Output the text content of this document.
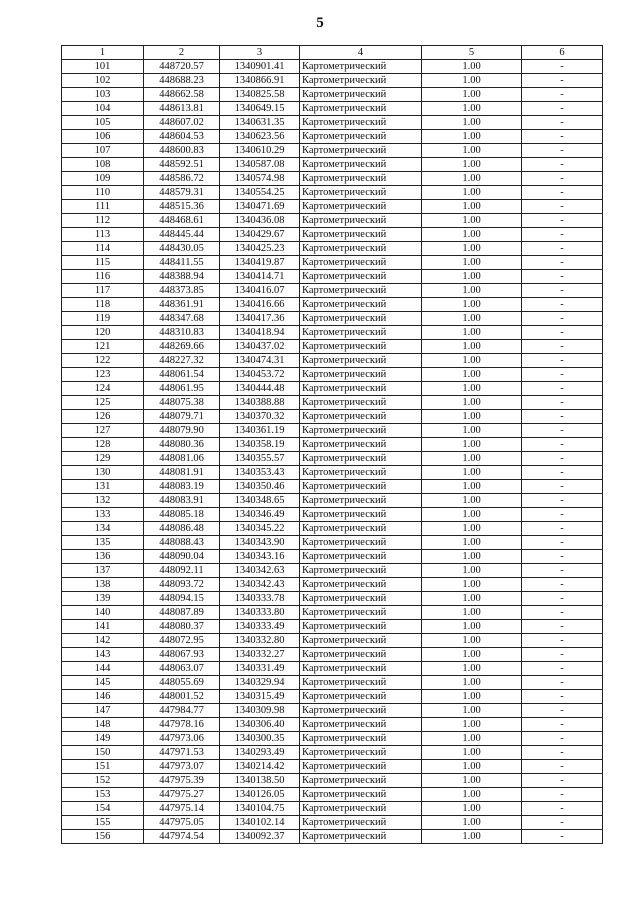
5
1	2	3	4	5	6
101	448720.57	1340901.41	Картометрический	1.00	-
102	448688.23	1340866.91	Картометрический	1.00	-
103	448662.58	1340825.58	Картометрический	1.00	-
104	448613.81	1340649.15	Картометрический	1.00	-
105	448607.02	1340631.35	Картометрический	1.00	-
106	448604.53	1340623.56	Картометрический	1.00	-
107	448600.83	1340610.29	Картометрический	1.00	-
108	448592.51	1340587.08	Картометрический	1.00	-
109	448586.72	1340574.98	Картометрический	1.00	-
110	448579.31	1340554.25	Картометрический	1.00	-
111	448515.36	1340471.69	Картометрический	1.00	-
112	448468.61	1340436.08	Картометрический	1.00	-
113	448445.44	1340429.67	Картометрический	1.00	-
114	448430.05	1340425.23	Картометрический	1.00	-
115	448411.55	1340419.87	Картометрический	1.00	-
116	448388.94	1340414.71	Картометрический	1.00	-
117	448373.85	1340416.07	Картометрический	1.00	-
118	448361.91	1340416.66	Картометрический	1.00	-
119	448347.68	1340417.36	Картометрический	1.00	-
120	448310.83	1340418.94	Картометрический	1.00	-
121	448269.66	1340437.02	Картометрический	1.00	-
122	448227.32	1340474.31	Картометрический	1.00	-
123	448061.54	1340453.72	Картометрический	1.00	-
124	448061.95	1340444.48	Картометрический	1.00	-
125	448075.38	1340388.88	Картометрический	1.00	-
126	448079.71	1340370.32	Картометрический	1.00	-
127	448079.90	1340361.19	Картометрический	1.00	-
128	448080.36	1340358.19	Картометрический	1.00	-
129	448081.06	1340355.57	Картометрический	1.00	-
130	448081.91	1340353.43	Картометрический	1.00	-
131	448083.19	1340350.46	Картометрический	1.00	-
132	448083.91	1340348.65	Картометрический	1.00	-
133	448085.18	1340346.49	Картометрический	1.00	-
134	448086.48	1340345.22	Картометрический	1.00	-
135	448088.43	1340343.90	Картометрический	1.00	-
136	448090.04	1340343.16	Картометрический	1.00	-
137	448092.11	1340342.63	Картометрический	1.00	-
138	448093.72	1340342.43	Картометрический	1.00	-
139	448094.15	1340333.78	Картометрический	1.00	-
140	448087.89	1340333.80	Картометрический	1.00	-
141	448080.37	1340333.49	Картометрический	1.00	-
142	448072.95	1340332.80	Картометрический	1.00	-
143	448067.93	1340332.27	Картометрический	1.00	-
144	448063.07	1340331.49	Картометрический	1.00	-
145	448055.69	1340329.94	Картометрический	1.00	-
146	448001.52	1340315.49	Картометрический	1.00	-
147	447984.77	1340309.98	Картометрический	1.00	-
148	447978.16	1340306.40	Картометрический	1.00	-
149	447973.06	1340300.35	Картометрический	1.00	-
150	447971.53	1340293.49	Картометрический	1.00	-
151	447973.07	1340214.42	Картометрический	1.00	-
152	447975.39	1340138.50	Картометрический	1.00	-
153	447975.27	1340126.05	Картометрический	1.00	-
154	447975.14	1340104.75	Картометрический	1.00	-
155	447975.05	1340102.14	Картометрический	1.00	-
156	447974.54	1340092.37	Картометрический	1.00	-
